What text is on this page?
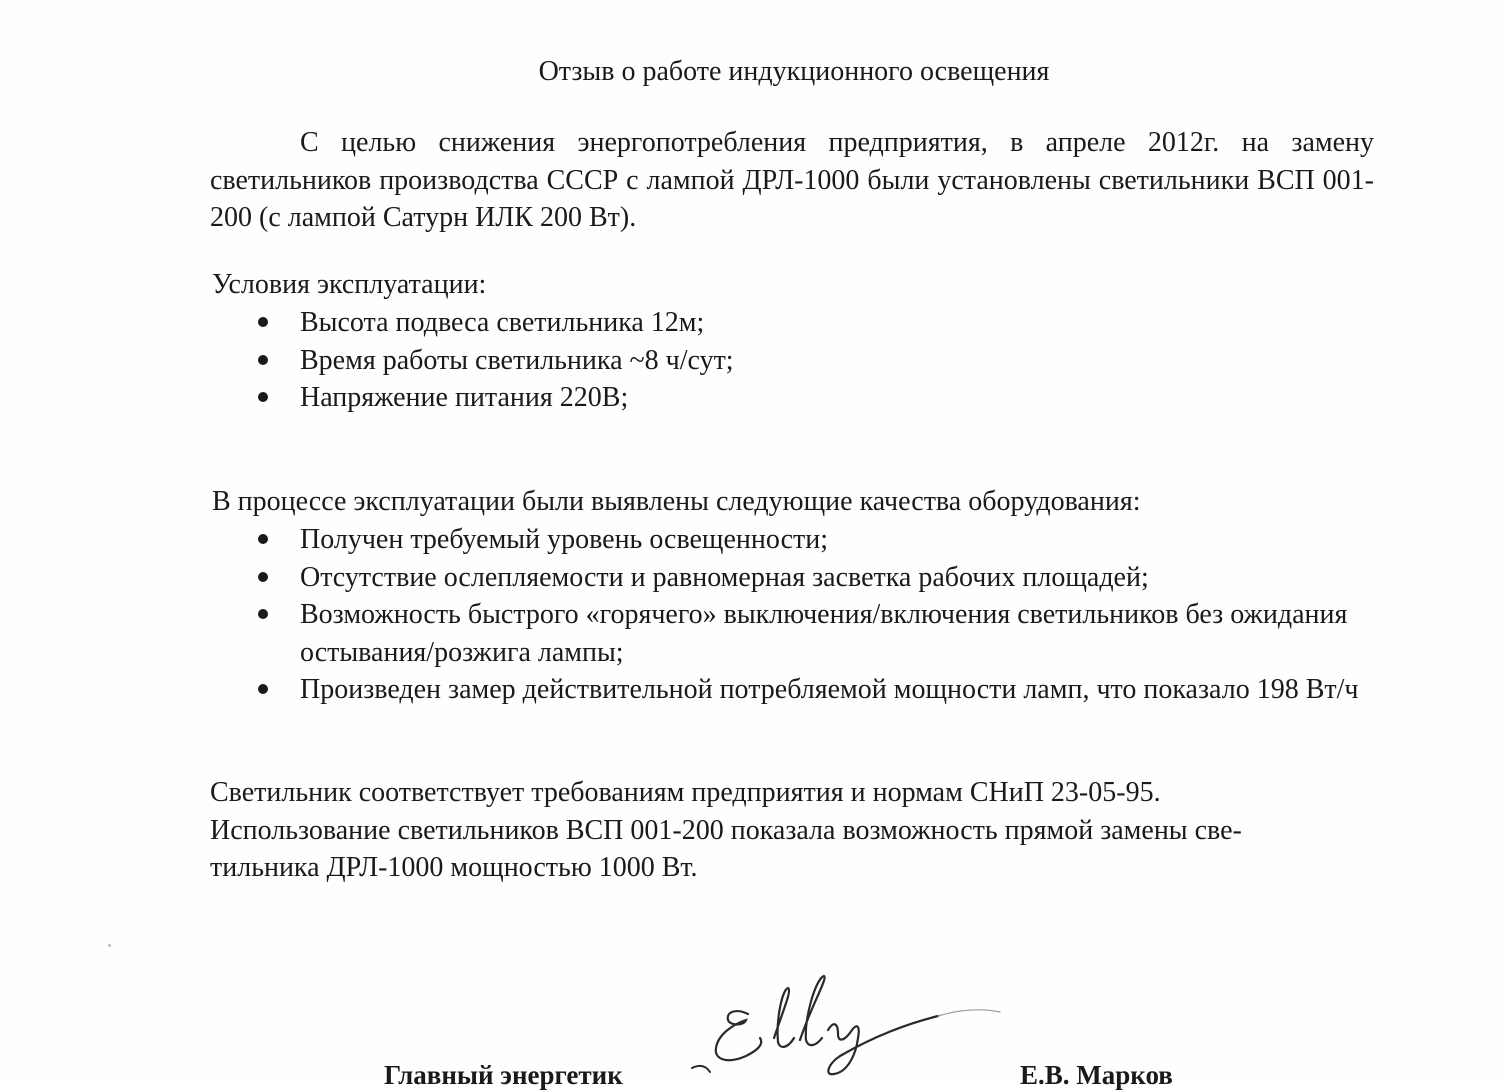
Отзыв о работе индукционного освещения

С целью снижения энергопотребления предприятия, в апреле 2012г. на замену светильников производства СССР с лампой ДРЛ-1000 были установлены светильники ВСП 001-200 (с лампой Сатурн ИЛК 200 Вт).

Условия эксплуатации:

Высота подвеса светильника 12м;
Время работы светильника ~8 ч/сут;
Напряжение питания 220В;

В процессе эксплуатации были выявлены следующие качества оборудования:

Получен требуемый уровень освещенности;
Отсутствие ослепляемости и равномерная засветка рабочих площадей;
Возможность быстрого «горячего» выключения/включения светильников без ожидания остывания/розжига лампы;
Произведен замер действительной потребляемой мощности ламп, что показало 198 Вт/ч

Светильник соответствует требованиям предприятия и нормам СНиП 23-05-95.
Использование светильников ВСП 001-200 показала возможность прямой замены све-
тильника ДРЛ-1000 мощностью 1000 Вт.

Главный энергетик	Е.В. Марков
